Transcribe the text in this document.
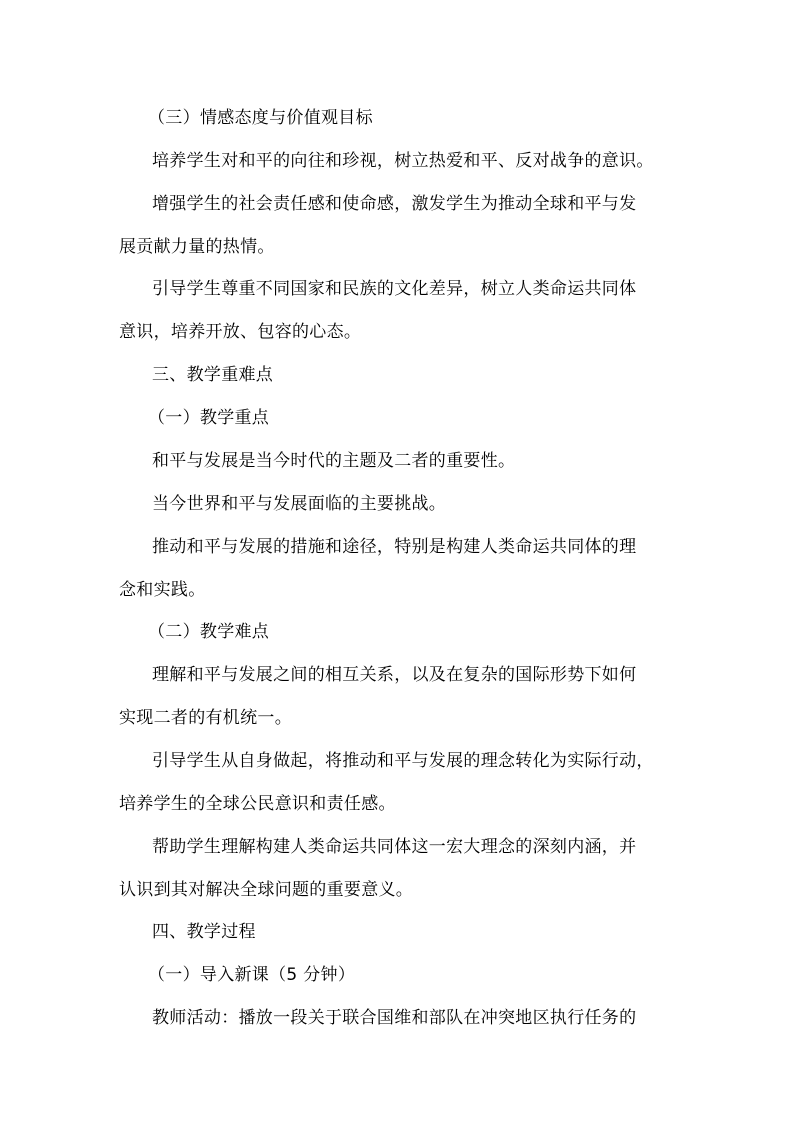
（三）情感态度与价值观目标
培养学生对和平的向往和珍视，树立热爱和平、反对战争的意识。
增强学生的社会责任感和使命感，激发学生为推动全球和平与发
展贡献力量的热情。
引导学生尊重不同国家和民族的文化差异，树立人类命运共同体
意识，培养开放、包容的心态。
三、教学重难点
（一）教学重点
和平与发展是当今时代的主题及二者的重要性。
当今世界和平与发展面临的主要挑战。
推动和平与发展的措施和途径，特别是构建人类命运共同体的理
念和实践。
（二）教学难点
理解和平与发展之间的相互关系，以及在复杂的国际形势下如何
实现二者的有机统一。
引导学生从自身做起，将推动和平与发展的理念转化为实际行动，
培养学生的全球公民意识和责任感。
帮助学生理解构建人类命运共同体这一宏大理念的深刻内涵，并
认识到其对解决全球问题的重要意义。
四、教学过程
（一）导入新课（5 分钟）
教师活动：播放一段关于联合国维和部队在冲突地区执行任务的
